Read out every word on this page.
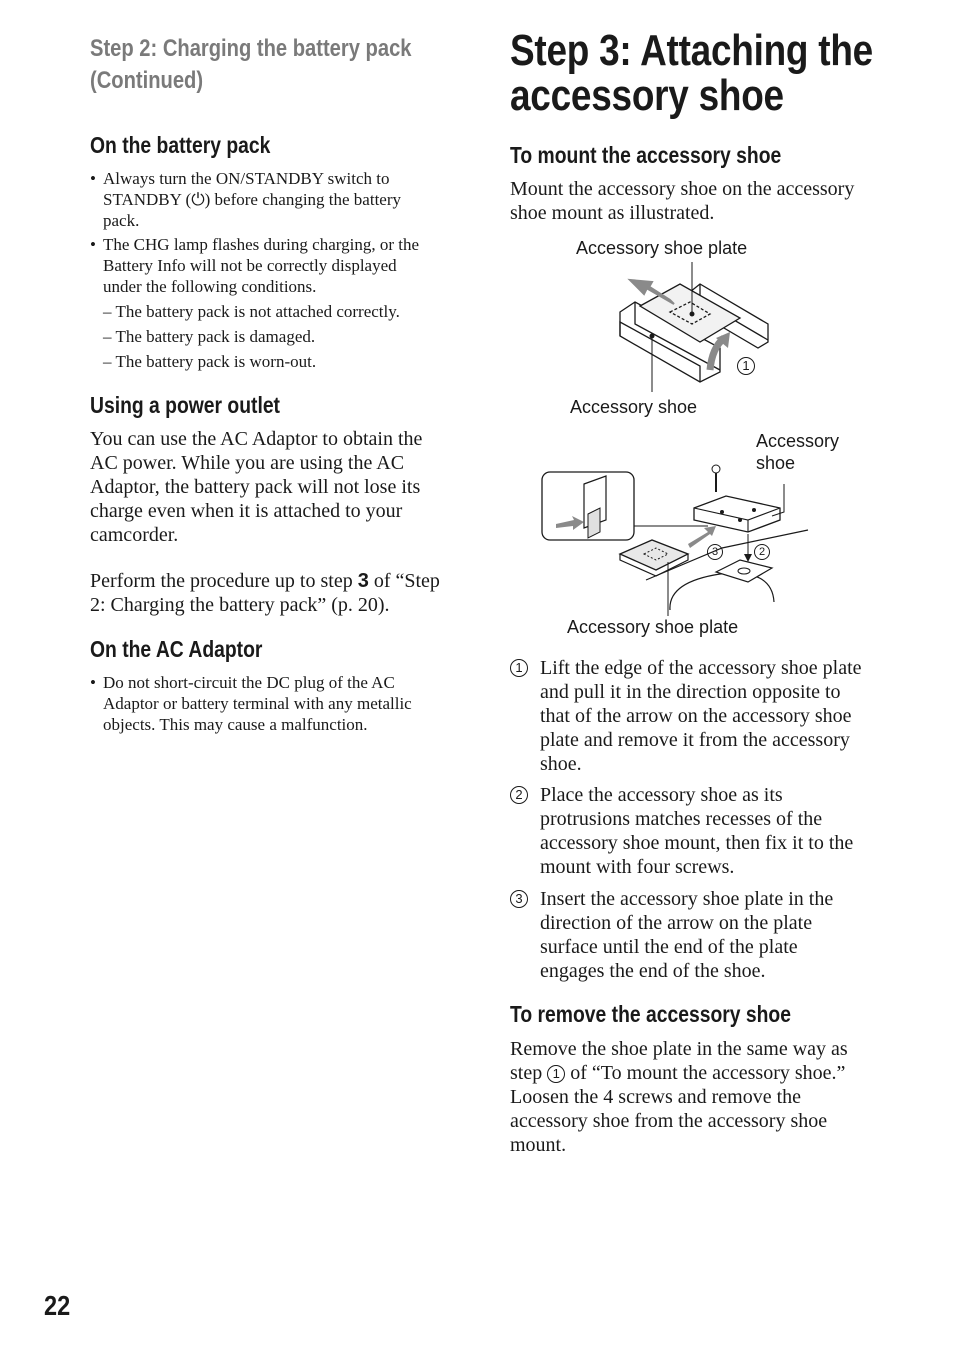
Step 2: Charging the battery pack
(Continued)
On the battery pack
• Always turn the ON/STANDBY switch to
STANDBY (⏻) before changing the battery
pack.
• The CHG lamp flashes during charging, or the
Battery Info will not be correctly displayed
under the following conditions.
– The battery pack is not attached correctly.
– The battery pack is damaged.
– The battery pack is worn-out.
Using a power outlet
You can use the AC Adaptor to obtain the
AC power. While you are using the AC
Adaptor, the battery pack will not lose its
charge even when it is attached to your
camcorder.
Perform the procedure up to step 3 of “Step
2: Charging the battery pack” (p. 20).
On the AC Adaptor
• Do not short-circuit the DC plug of the AC
Adaptor or battery terminal with any metallic
objects. This may cause a malfunction.
Step 3: Attaching the
accessory shoe
To mount the accessory shoe
Mount the accessory shoe on the accessory
shoe mount as illustrated.
Accessory shoe plate
Accessory shoe
Accessory
shoe
Accessory shoe plate
1
3	2
1 Lift the edge of the accessory shoe plate
and pull it in the direction opposite to
that of the arrow on the accessory shoe
plate and remove it from the accessory
shoe.
2 Place the accessory shoe as its
protrusions matches recesses of the
accessory shoe mount, then fix it to the
mount with four screws.
3 Insert the accessory shoe plate in the
direction of the arrow on the plate
surface until the end of the plate
engages the end of the shoe.
To remove the accessory shoe
Remove the shoe plate in the same way as
step 1 of “To mount the accessory shoe.”
Loosen the 4 screws and remove the
accessory shoe from the accessory shoe
mount.
22
